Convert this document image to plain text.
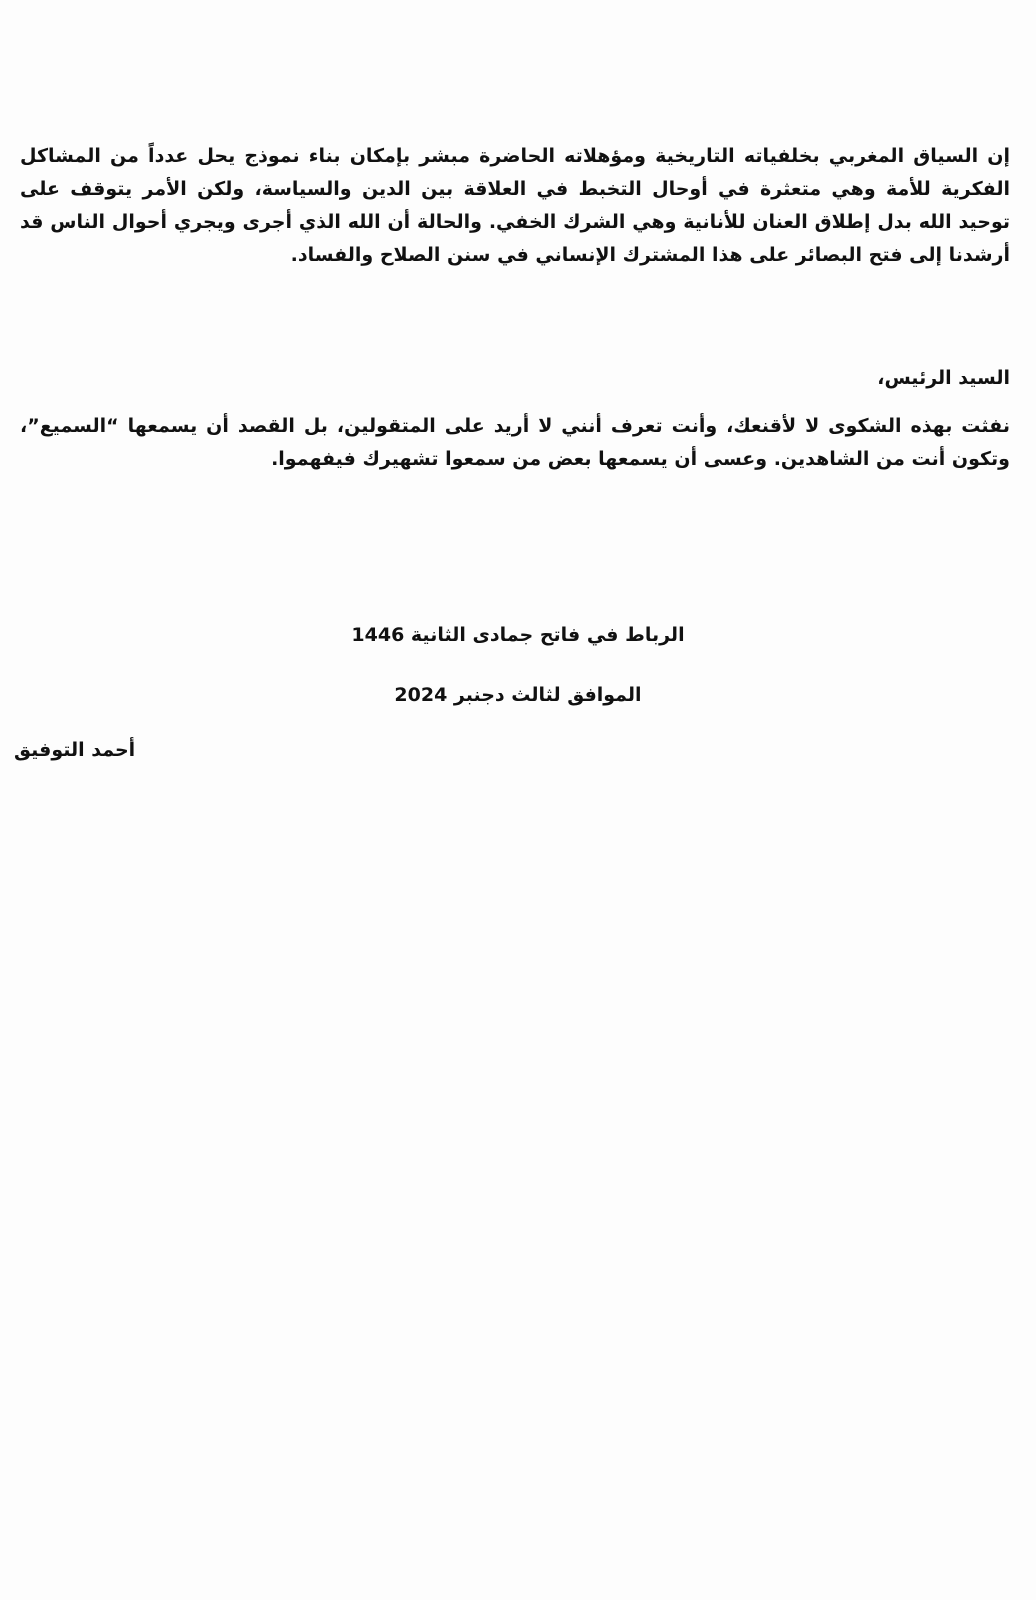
إن السياق المغربي بخلفياته التاريخية ومؤهلاته الحاضرة مبشر بإمكان بناء نموذج يحل عدداً من المشاكل الفكرية للأمة وهي متعثرة في أوحال التخبط في العلاقة بين الدين والسياسة، ولكن الأمر يتوقف على توحيد الله بدل إطلاق العنان للأنانية وهي الشرك الخفي. والحالة أن الله الذي أجرى ويجري أحوال الناس قد أرشدنا إلى فتح البصائر على هذا المشترك الإنساني في سنن الصلاح والفساد.
السيد الرئيس،
نفثت بهذه الشكوى لا لأقنعك، وأنت تعرف أنني لا أريد على المتقولين، بل القصد أن يسمعها “السميع”، وتكون أنت من الشاهدين. وعسى أن يسمعها بعض من سمعوا تشهيرك فيفهموا.
الرباط في فاتح جمادى الثانية 1446
الموافق لثالث دجنبر 2024
أحمد التوفيق
